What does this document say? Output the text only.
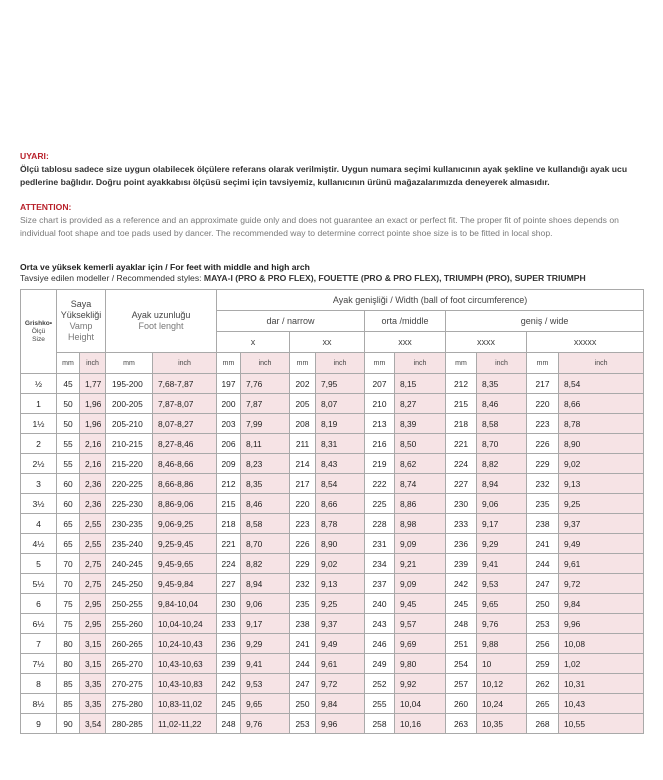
UYARI:
Ölçü tablosu sadece size uygun olabilecek ölçülere referans olarak verilmiştir. Uygun numara seçimi kullanıcının ayak şekline ve kullandığı ayak ucu pedlerine bağlıdır. Doğru point ayakkabısı ölçüsü seçimi için tavsiyemiz, kullanıcının ürünü mağazalarımızda deneyerek almasıdır.
ATTENTION:
Size chart is provided as a reference and an approximate guide only and does not guarantee an exact or perfect fit. The proper fit of pointe shoes depends on individual foot shape and toe pads used by dancer. The recommended way to determine correct pointe shoe size is to be fitted in local shop.
Orta ve yüksek kemerli ayaklar için / For feet with middle and high arch
Tavsiye edilen modeller / Recommended styles: MAYA-I (PRO & PRO FLEX), FOUETTE (PRO & PRO FLEX), TRIUMPH (PRO), SUPER TRIUMPH
Grishko•
Ölçü
Size	Saya
Yüksekliği
Vamp
Height		Ayak uzunluğu
Foot lenght		Ayak genişliği / Width (ball of foot circumference)									
					dar / narrow				orta /middle		geniş / wide			
					x		xx		xxx		xxxx		xxxxx	
	mm	inch	mm	inch	mm	inch	mm	inch	mm	inch	mm	inch	mm	inch
½	45	1,77	195-200	7,68-7,87	197	7,76	202	7,95	207	8,15	212	8,35	217	8,54
1	50	1,96	200-205	7,87-8,07	200	7,87	205	8,07	210	8,27	215	8,46	220	8,66
1½	50	1,96	205-210	8,07-8,27	203	7,99	208	8,19	213	8,39	218	8,58	223	8,78
2	55	2,16	210-215	8,27-8,46	206	8,11	211	8,31	216	8,50	221	8,70	226	8,90
2½	55	2,16	215-220	8,46-8,66	209	8,23	214	8,43	219	8,62	224	8,82	229	9,02
3	60	2,36	220-225	8,66-8,86	212	8,35	217	8,54	222	8,74	227	8,94	232	9,13
3½	60	2,36	225-230	8,86-9,06	215	8,46	220	8,66	225	8,86	230	9,06	235	9,25
4	65	2,55	230-235	9,06-9,25	218	8,58	223	8,78	228	8,98	233	9,17	238	9,37
4½	65	2,55	235-240	9,25-9,45	221	8,70	226	8,90	231	9,09	236	9,29	241	9,49
5	70	2,75	240-245	9,45-9,65	224	8,82	229	9,02	234	9,21	239	9,41	244	9,61
5½	70	2,75	245-250	9,45-9,84	227	8,94	232	9,13	237	9,09	242	9,53	247	9,72
6	75	2,95	250-255	9,84-10,04	230	9,06	235	9,25	240	9,45	245	9,65	250	9,84
6½	75	2,95	255-260	10,04-10,24	233	9,17	238	9,37	243	9,57	248	9,76	253	9,96
7	80	3,15	260-265	10,24-10,43	236	9,29	241	9,49	246	9,69	251	9,88	256	10,08
7½	80	3,15	265-270	10,43-10,63	239	9,41	244	9,61	249	9,80	254	10	259	1,02
8	85	3,35	270-275	10,43-10,83	242	9,53	247	9,72	252	9,92	257	10,12	262	10,31
8½	85	3,35	275-280	10,83-11,02	245	9,65	250	9,84	255	10,04	260	10,24	265	10,43
9	90	3,54	280-285	11,02-11,22	248	9,76	253	9,96	258	10,16	263	10,35	268	10,55
